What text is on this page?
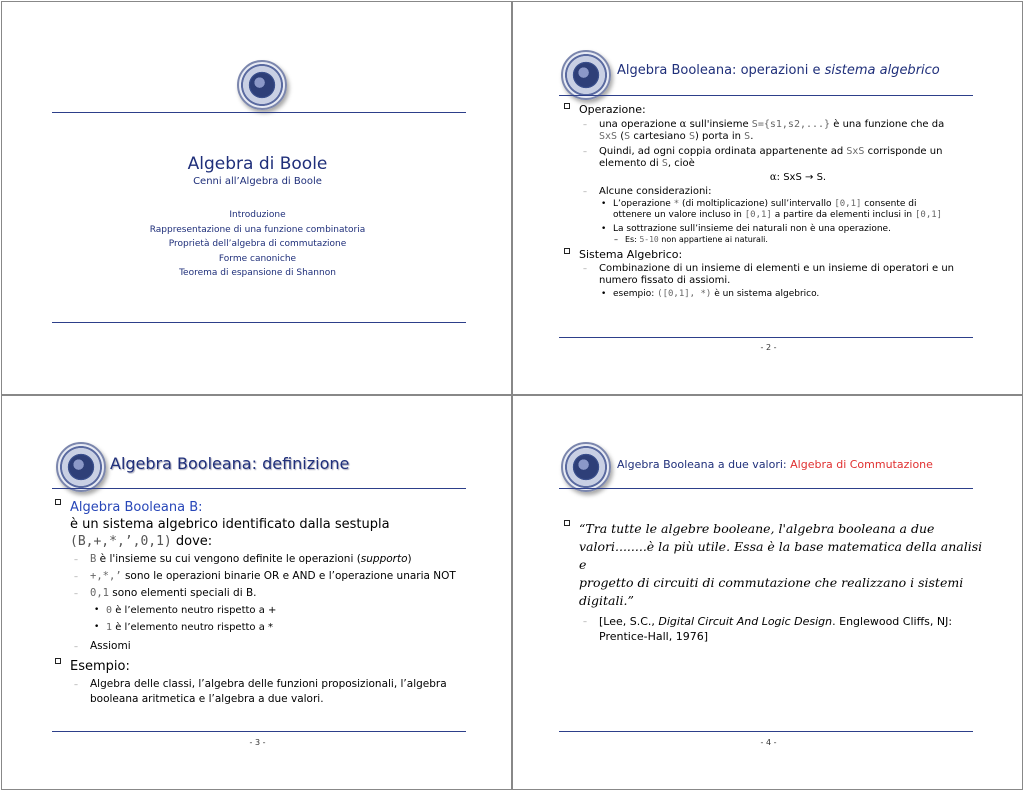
Algebra di Boole
Cenni all’Algebra di Boole
Introduzione
Rappresentazione di una funzione combinatoria
Proprietà dell’algebra di commutazione
Forme canoniche
Teorema di espansione di Shannon
Algebra Booleana: operazioni e sistema algebrico
Operazione:
– una operazione α sull'insieme S={s1,s2,...} è una funzione che da
SxS (S cartesiano S) porta in S.
– Quindi, ad ogni coppia ordinata appartenente ad SxS corrisponde un
elemento di S, cioè
α: SxS → S.
– Alcune considerazioni:
• L’operazione * (di moltiplicazione) sull’intervallo [0,1] consente di
ottenere un valore incluso in [0,1] a partire da elementi inclusi in [0,1]
• La sottrazione sull’insieme dei naturali non è una operazione.
– Es: 5-10 non appartiene ai naturali.
Sistema Algebrico:
– Combinazione di un insieme di elementi e un insieme di operatori e un
numero fissato di assiomi.
• esempio: ([0,1], *) è un sistema algebrico.
- 2 -
Algebra Booleana: definizione
Algebra Booleana B:
è un sistema algebrico identificato dalla sestupla
(B,+,*,’,0,1) dove:
– B è l'insieme su cui vengono definite le operazioni (supporto)
– +,*,’ sono le operazioni binarie OR e AND e l’operazione unaria NOT
– 0,1 sono elementi speciali di B.
• 0 è l’elemento neutro rispetto a +
• 1 è l’elemento neutro rispetto a *
– Assiomi
Esempio:
– Algebra delle classi, l’algebra delle funzioni proposizionali, l’algebra
booleana aritmetica e l’algebra a due valori.
- 3 -
Algebra Booleana a due valori: Algebra di Commutazione
“Tra tutte le algebre booleane, l'algebra booleana a due
valori........è la più utile. Essa è la base matematica della analisi e
progetto di circuiti di commutazione che realizzano i sistemi
digitali.”
– [Lee, S.C., Digital Circuit And Logic Design. Englewood Cliffs, NJ:
Prentice-Hall, 1976]
- 4 -
